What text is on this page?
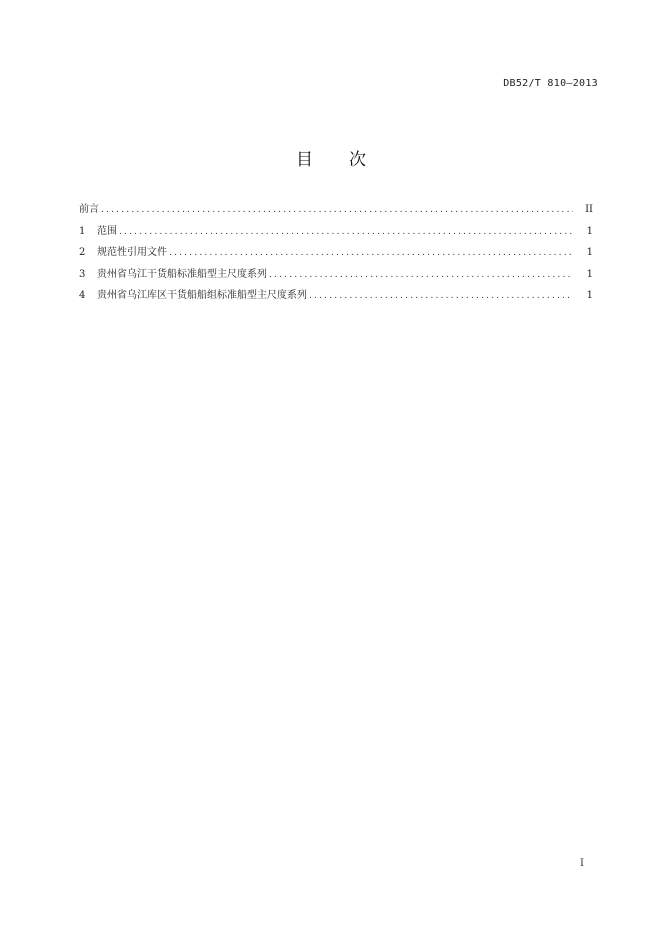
DB52/T 810—2013
目 次
前言 .....	II
1	范围 .....	1
2	规范性引用文件 .....	1
3	贵州省乌江干货船标准船型主尺度系列 .....	1
4	贵州省乌江库区干货船船组标准船型主尺度系列 .....	1
I
